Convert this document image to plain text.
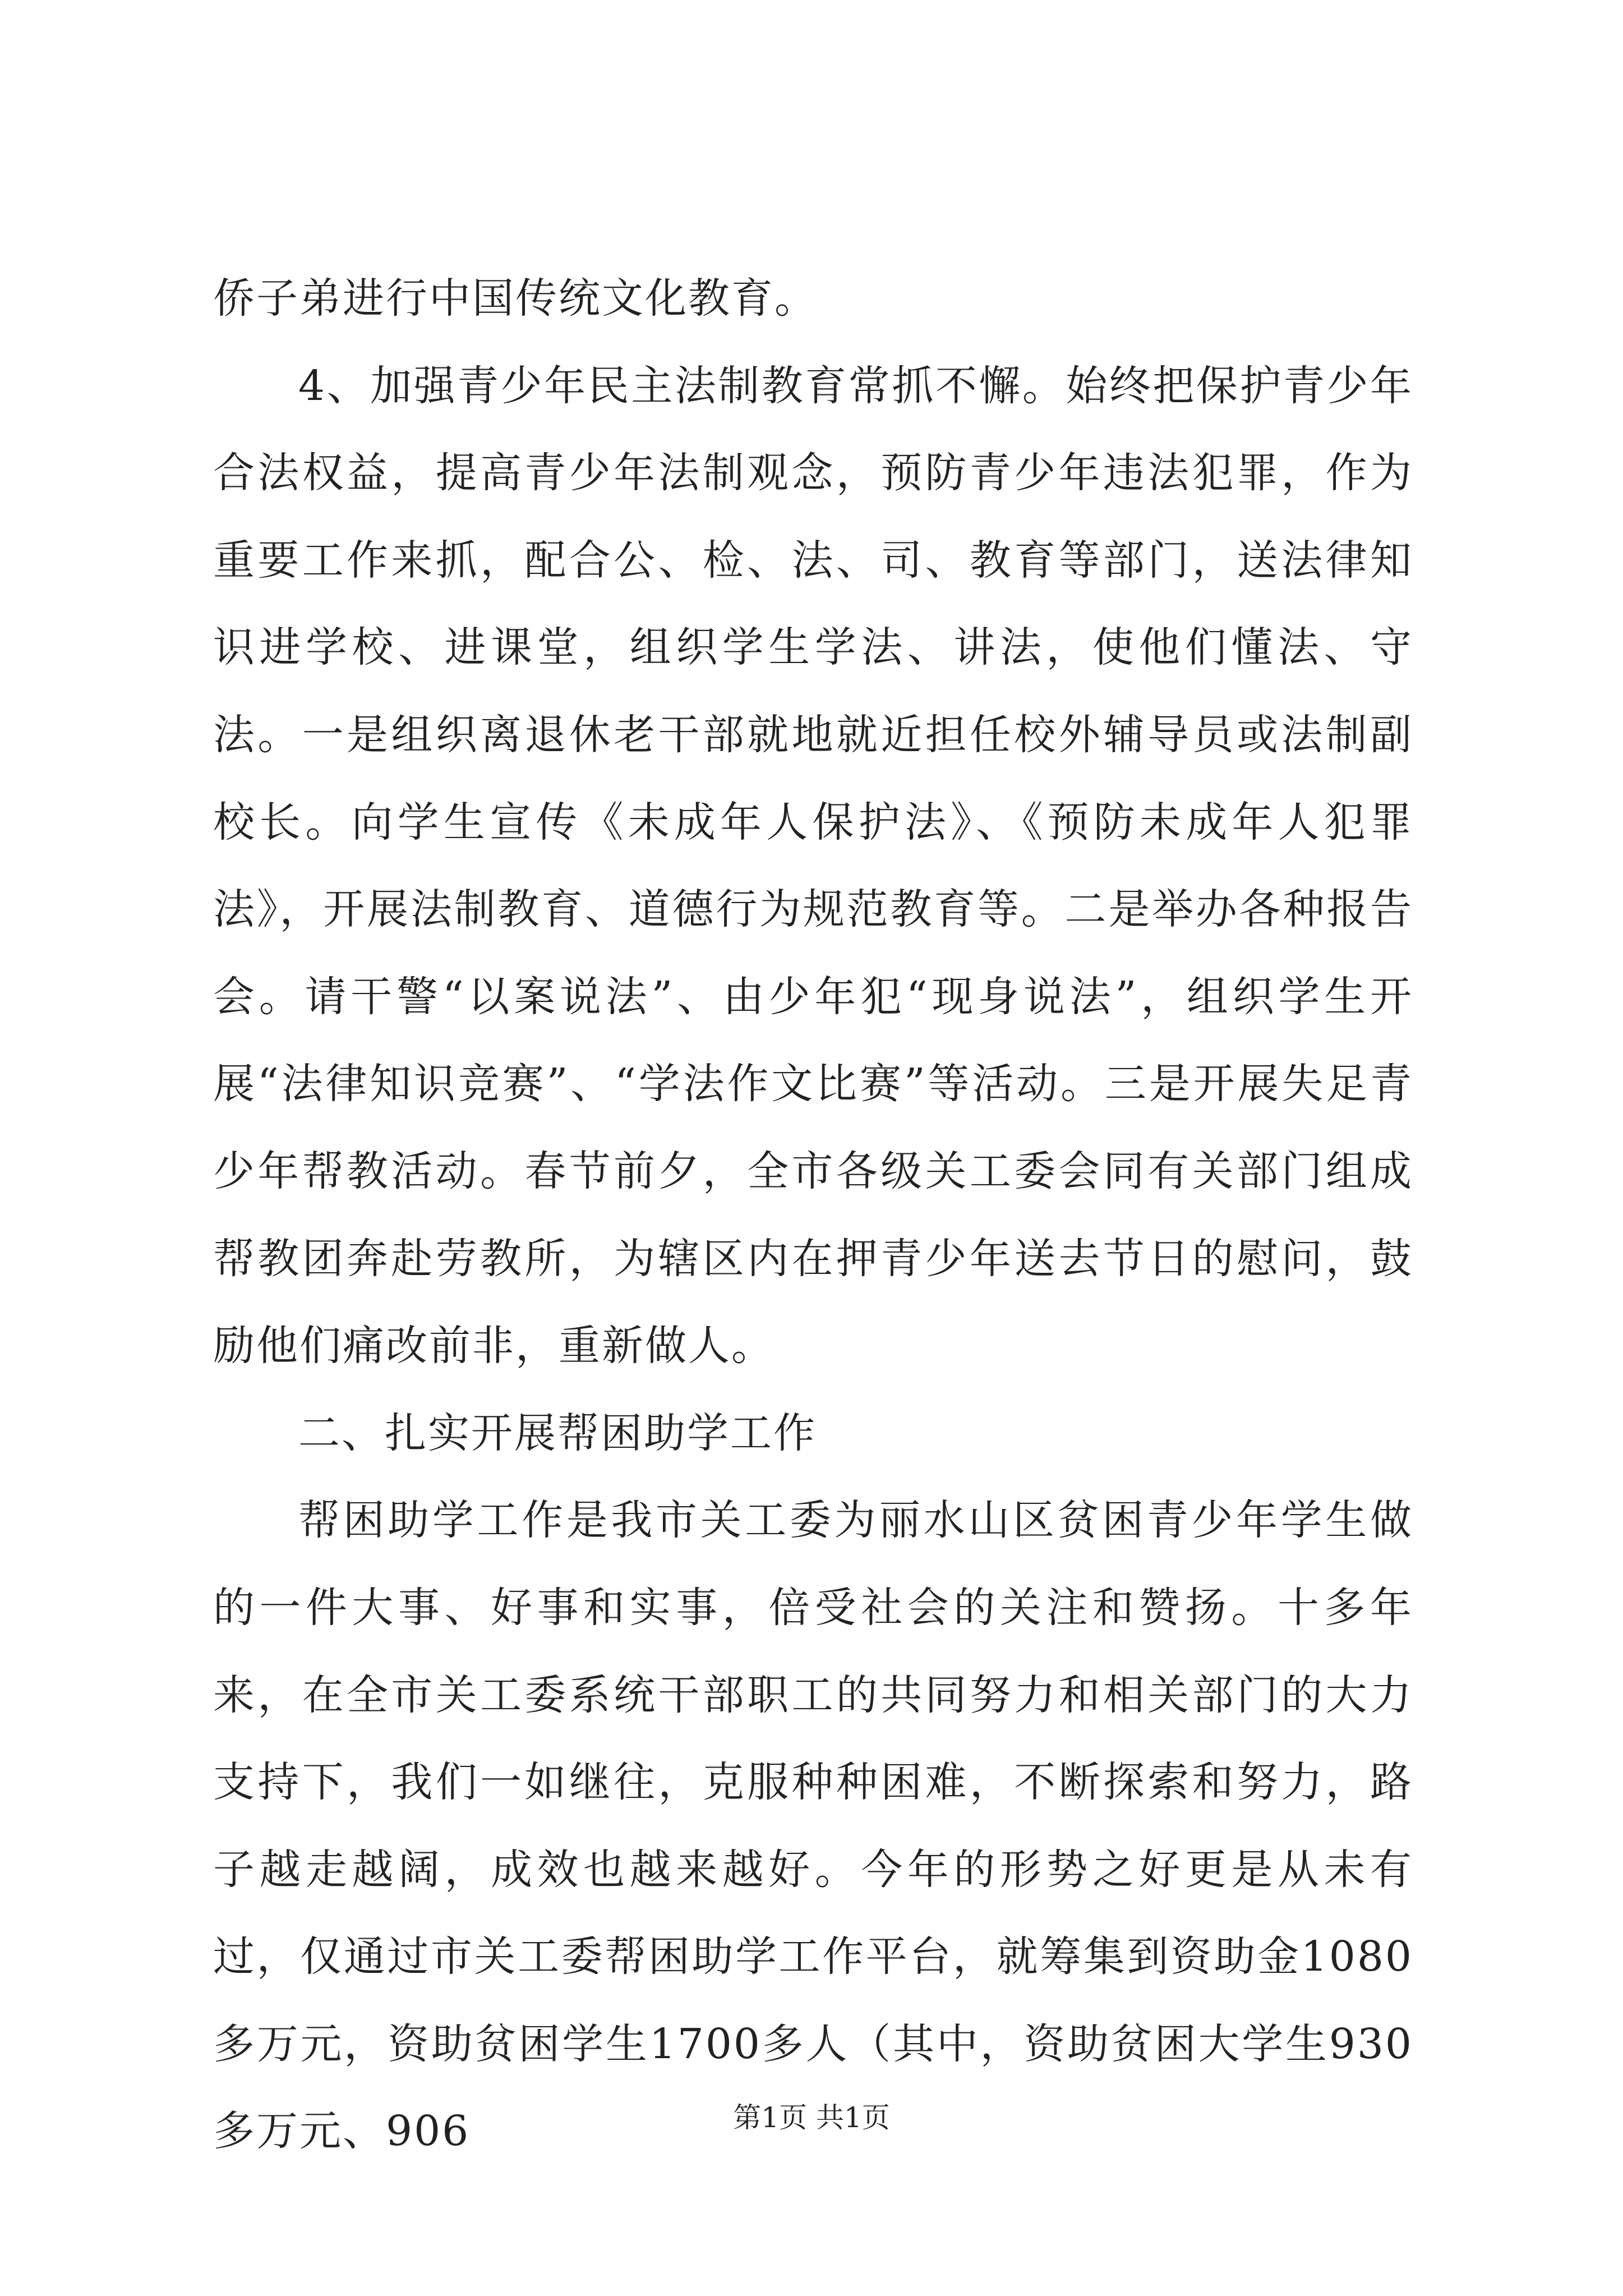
侨子弟进行中国传统文化教育。

4、加强青少年民主法制教育常抓不懈。始终把保护青少年合法权益，提高青少年法制观念，预防青少年违法犯罪，作为重要工作来抓，配合公、检、法、司、教育等部门，送法律知识进学校、进课堂，组织学生学法、讲法，使他们懂法、守法。一是组织离退休老干部就地就近担任校外辅导员或法制副校长。向学生宣传《未成年人保护法》、《预防未成年人犯罪法》，开展法制教育、道德行为规范教育等。二是举办各种报告会。请干警“以案说法”、由少年犯“现身说法”，组织学生开展“法律知识竞赛”、“学法作文比赛”等活动。三是开展失足青少年帮教活动。春节前夕，全市各级关工委会同有关部门组成帮教团奔赴劳教所，为辖区内在押青少年送去节日的慰问，鼓励他们痛改前非，重新做人。

二、扎实开展帮困助学工作

帮困助学工作是我市关工委为丽水山区贫困青少年学生做的一件大事、好事和实事，倍受社会的关注和赞扬。十多年来，在全市关工委系统干部职工的共同努力和相关部门的大力支持下，我们一如继往，克服种种困难，不断探索和努力，路子越走越阔，成效也越来越好。今年的形势之好更是从未有过，仅通过市关工委帮困助学工作平台，就筹集到资助金1080多万元，资助贫困学生1700多人（其中，资助贫困大学生930多万元、906	第1页 共1页
